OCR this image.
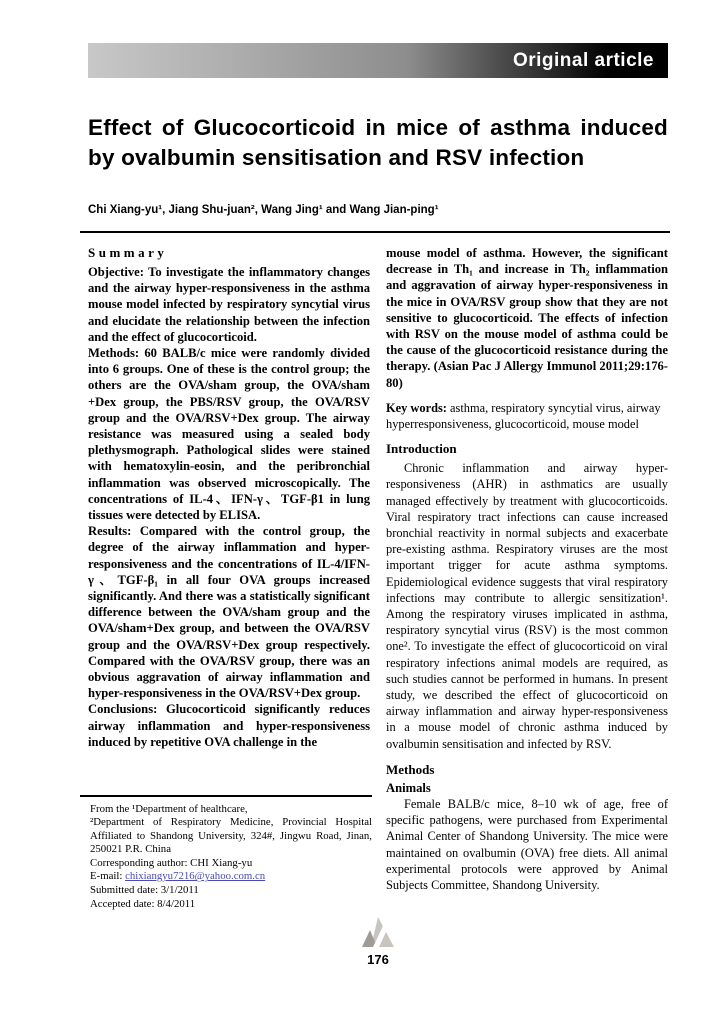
Original article
Effect of Glucocorticoid in mice of asthma induced by ovalbumin sensitisation and RSV infection
Chi Xiang-yu¹, Jiang Shu-juan², Wang Jing¹ and Wang Jian-ping¹
Summary

Objective: To investigate the inflammatory changes and the airway hyper-responsiveness in the asthma mouse model infected by respiratory syncytial virus and elucidate the relationship between the infection and the effect of glucocorticoid.

Methods: 60 BALB/c mice were randomly divided into 6 groups. One of these is the control group; the others are the OVA/sham group, the OVA/sham +Dex group, the PBS/RSV group, the OVA/RSV group and the OVA/RSV+Dex group. The airway resistance was measured using a sealed body plethysmograph. Pathological slides were stained with hematoxylin-eosin, and the peribronchial inflammation was observed microscopically. The concentrations of IL-4、IFN-γ、TGF-β1 in lung tissues were detected by ELISA.

Results: Compared with the control group, the degree of the airway inflammation and hyper-responsiveness and the concentrations of IL-4/IFN-γ、TGF-β₁ in all four OVA groups increased significantly. And there was a statistically significant difference between the OVA/sham group and the OVA/sham+Dex group, and between the OVA/RSV group and the OVA/RSV+Dex group respectively. Compared with the OVA/RSV group, there was an obvious aggravation of airway inflammation and hyper-responsiveness in the OVA/RSV+Dex group.

Conclusions: Glucocorticoid significantly reduces airway inflammation and hyper-responsiveness induced by repetitive OVA challenge in the

mouse model of asthma. However, the significant decrease in Th₁ and increase in Th₂ inflammation and aggravation of airway hyper-responsiveness in the mice in OVA/RSV group show that they are not sensitive to glucocorticoid. The effects of infection with RSV on the mouse model of asthma could be the cause of the glucocorticoid resistance during the therapy. (Asian Pac J Allergy Immunol 2011;29:176-80)

Key words: asthma, respiratory syncytial virus, airway hyperresponsiveness, glucocorticoid, mouse model

Introduction

Chronic inflammation and airway hyper-responsiveness (AHR) in asthmatics are usually managed effectively by treatment with glucocorticoids. Viral respiratory tract infections can cause increased bronchial reactivity in normal subjects and exacerbate pre-existing asthma. Respiratory viruses are the most important trigger for acute asthma symptoms. Epidemiological evidence suggests that viral respiratory infections may contribute to allergic sensitization¹. Among the respiratory viruses implicated in asthma, respiratory syncytial virus (RSV) is the most common one². To investigate the effect of glucocorticoid on viral respiratory infections animal models are required, as such studies cannot be performed in humans. In present study, we described the effect of glucocorticoid on airway inflammation and airway hyper-responsiveness in a mouse model of chronic asthma induced by ovalbumin sensitisation and infected by RSV.

Methods
Animals

Female BALB/c mice, 8–10 wk of age, free of specific pathogens, were purchased from Experimental Animal Center of Shandong University. The mice were maintained on ovalbumin (OVA) free diets. All animal experimental protocols were approved by Animal Subjects Committee, Shandong University.

From the ¹Department of healthcare,

²Department of Respiratory Medicine, Provincial Hospital Affiliated to Shandong University, 324#, Jingwu Road, Jinan, 250021 P.R. China

Corresponding author: CHI Xiang-yu

E-mail: chixiangyu7216@yahoo.com.cn

Submitted date: 3/1/2011

Accepted date: 8/4/2011

176
